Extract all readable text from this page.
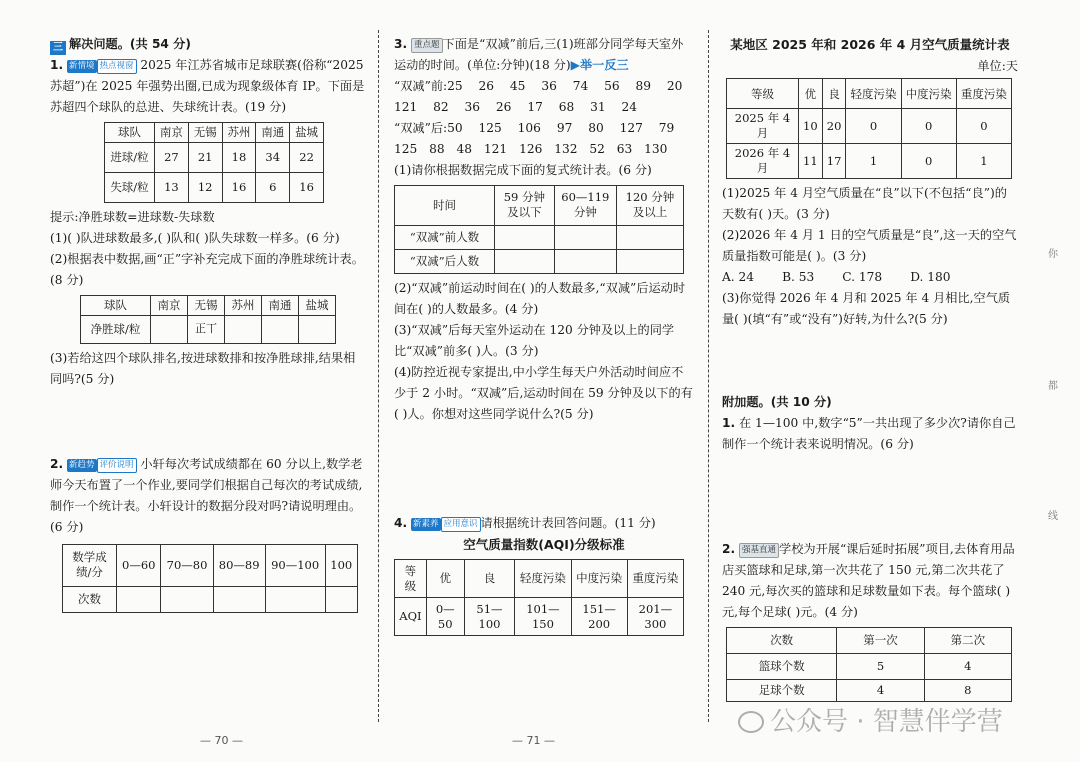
三 解决问题。(共 54 分)

1. 新情境 热点视窗 2025 年江苏省城市足球联赛(俗称“2025 苏超”)在 2025 年强势出圈,已成为现象级体育 IP。下面是苏超四个球队的总进、失球统计表。(19 分)

球队	南京	无锡	苏州	南通	盐城
进球/粒	27	21	18	34	22
失球/粒	13	12	16	6	16

提示:净胜球数=进球数-失球数

(1)( )队进球数最多,( )队和( )队失球数一样多。(6 分)

(2)根据表中数据,画“正”字补充完成下面的净胜球统计表。(8 分)

球队	南京	无锡	苏州	南通	盐城
净胜球/粒		正丅			

(3)若给这四个球队排名,按进球数排和按净胜球排,结果相同吗?(5 分)

2. 新趋势 评价说明 小轩每次考试成绩都在 60 分以上,数学老师今天布置了一个作业,要同学们根据自己每次的考试成绩,制作一个统计表。小轩设计的数据分段对吗?请说明理由。(6 分)

数学成绩/分	0—60	70—80	80—89	90—100	100
次数					

3. 重点题 下面是“双减”前后,三(1)班部分同学每天室外运动的时间。(单位:分钟)(18 分)▶举一反三

“双减”前:25 26 45 36 74 56 89 20

121 82 36 26 17 68 31 24

“双减”后:50 125 106 97 80 127 79

125 88 48 121 126 132 52 63 130

(1)请你根据数据完成下面的复式统计表。(6 分)

时间	59 分钟及以下	60—119 分钟	120 分钟及以上
“双减”前人数			
“双减”后人数			

(2)“双减”前运动时间在( )的人数最多,“双减”后运动时间在( )的人数最多。(4 分)

(3)“双减”后每天室外运动在 120 分钟及以上的同学比“双减”前多( )人。(3 分)

(4)防控近视专家提出,中小学生每天户外活动时间应不少于 2 小时。“双减”后,运动时间在 59 分钟及以下的有( )人。你想对这些同学说什么?(5 分)

4. 新素养 应用意识 请根据统计表回答问题。(11 分)

空气质量指数(AQI)分级标准

等级	优	良	轻度污染	中度污染	重度污染
AQI	0—50	51—100	101—150	151—200	201—300

某地区 2025 年和 2026 年 4 月空气质量统计表

单位:天

等级	优	良	轻度污染	中度污染	重度污染
2025 年 4 月	10	20	0	0	0
2026 年 4 月	11	17	1	0	1

(1)2025 年 4 月空气质量在“良”以下(不包括“良”)的天数有( )天。(3 分)

(2)2026 年 4 月 1 日的空气质量是“良”,这一天的空气质量指数可能是( )。(3 分)

A. 24 B. 53 C. 178 D. 180

(3)你觉得 2026 年 4 月和 2025 年 4 月相比,空气质量( )(填“有”或“没有”)好转,为什么?(5 分)

附加题。(共 10 分)

1. 在 1—100 中,数字“5”一共出现了多少次?请你自己制作一个统计表来说明情况。(6 分)

2. 强基直通 学校为开展“课后延时拓展”项目,去体育用品店买篮球和足球,第一次共花了 150 元,第二次共花了 240 元,每次买的篮球和足球数量如下表。每个篮球( )元,每个足球( )元。(4 分)

次数	第一次	第二次
篮球个数	5	4
足球个数	4	8
— 70 —	— 71 —
你
都
线
公众号 · 智慧伴学营
